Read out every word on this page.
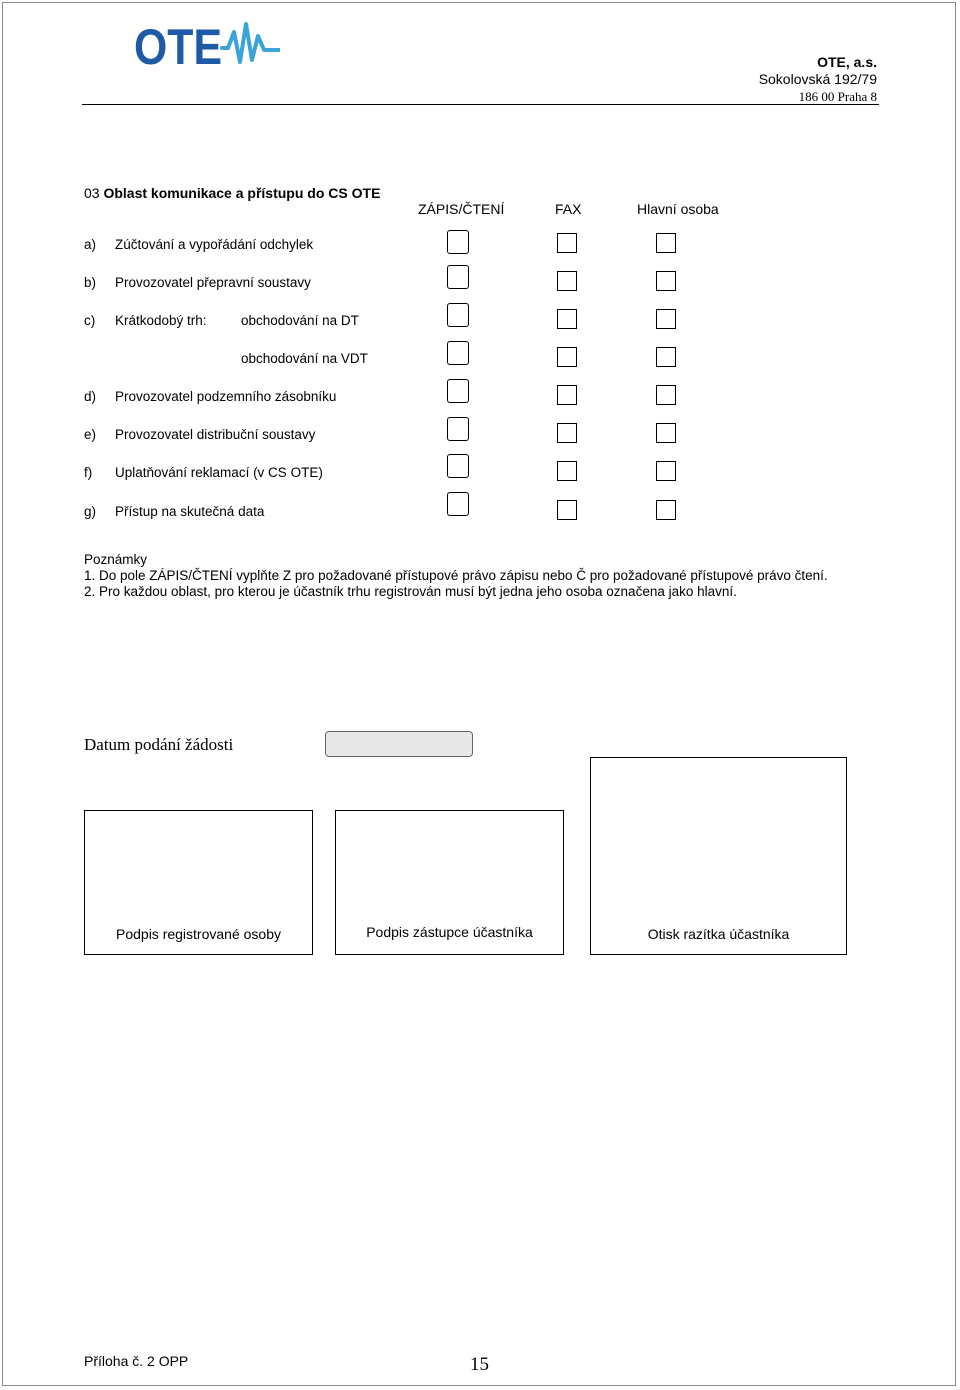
OTE	OTE, a.s.
Sokolovská 192/79
186 00 Praha 8
03 Oblast komunikace a přístupu do CS OTE
ZÁPIS/ČTENÍ	FAX	Hlavní osoba
a) Zúčtování a vypořádání odchylek
b) Provozovatel přepravní soustavy
c) Krátkodobý trh:	obchodování na DT
obchodování na VDT
d) Provozovatel podzemního zásobníku
e) Provozovatel distribuční soustavy
f) Uplatňování reklamací (v CS OTE)
g) Přístup na skutečná data
Poznámky
1. Do pole ZÁPIS/ČTENÍ vyplňte Z pro požadované přístupové právo zápisu nebo Č pro požadované přístupové právo čtení.
2. Pro každou oblast, pro kterou je účastník trhu registrován musí být jedna jeho osoba označena jako hlavní.
Datum podání žádosti
Podpis registrované osoby	Podpis zástupce účastníka	Otisk razítka účastníka
Příloha č. 2 OPP	15
